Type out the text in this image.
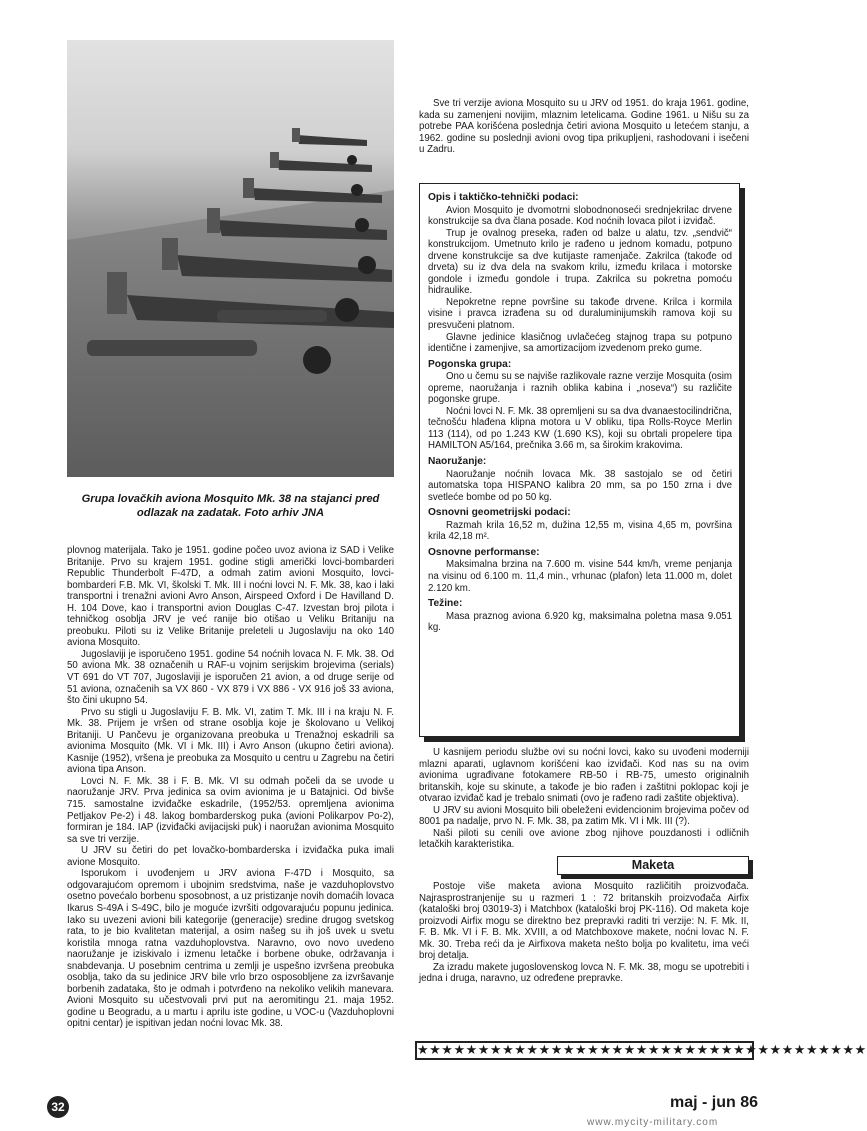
Grupa lovačkih aviona Mosquito Mk. 38 na stajanci pred odlazak na zadatak. Foto arhiv JNA

plovnog materijala. Tako je 1951. godine počeo uvoz aviona iz SAD i Velike Britanije. Prvo su krajem 1951. godine stigli američki lovci-bombarderi Republic Thunderbolt F-47D, a odmah zatim avioni Mosquito, lovci-bombarderi F.B. Mk. VI, školski T. Mk. III i noćni lovci N. F. Mk. 38, kao i laki transportni i trenažni avioni Avro Anson, Airspeed Oxford i De Havilland D. H. 104 Dove, kao i transportni avion Douglas C-47. Izvestan broj pilota i tehničkog osoblja JRV je već ranije bio otišao u Veliku Britaniju na preobuku. Piloti su iz Velike Britanije preleteli u Jugoslaviju na oko 140 aviona Mosquito.

Jugoslaviji je isporučeno 1951. godine 54 noćnih lovaca N. F. Mk. 38. Od 50 aviona Mk. 38 označenih u RAF-u vojnim serijskim brojevima (serials) VT 691 do VT 707, Jugoslaviji je isporučen 21 avion, a od druge serije od 51 aviona, označenih sa VX 860 - VX 879 i VX 886 - VX 916 još 33 aviona, što čini ukupno 54.

Prvo su stigli u Jugoslaviju F. B. Mk. VI, zatim T. Mk. III i na kraju N. F. Mk. 38. Prijem je vršen od strane osoblja koje je školovano u Velikoj Britaniji. U Pančevu je organizovana preobuka u Trenažnoj eskadrili sa avionima Mosquito (Mk. VI i Mk. III) i Avro Anson (ukupno četiri aviona). Kasnije (1952), vršena je preobuka za Mosquito u centru u Zagrebu na četiri aviona tipa Anson.

Lovci N. F. Mk. 38 i F. B. Mk. VI su odmah počeli da se uvode u naoružanje JRV. Prva jedinica sa ovim avionima je u Batajnici. Od bivše 715. samostalne izviđačke eskadrile, (1952/53. opremljena avionima Petljakov Pe-2) i 48. lakog bombarderskog puka (avioni Polikarpov Po-2), formiran je 184. IAP (izviđački avijacijski puk) i naoružan avionima Mosquito sa sve tri verzije.

U JRV su četiri do pet lovačko-bombarderska i izviđačka puka imali avione Mosquito.

Isporukom i uvođenjem u JRV aviona F-47D i Mosquito, sa odgovarajućom opremom i ubojnim sredstvima, naše je vazduhoplovstvo osetno povećalo borbenu sposobnost, a uz pristizanje novih domaćih lovaca Ikarus S-49A i S-49C, bilo je moguće izvršiti odgovarajuću popunu jedinica. Iako su uvezeni avioni bili kategorije (generacije) sredine drugog svetskog rata, to je bio kvalitetan materijal, a osim našeg su ih još uvek u svetu koristila mnoga ratna vazduhoplovstva. Naravno, ovo novo uvedeno naoružanje je iziskivalo i izmenu letačke i borbene obuke, održavanja i snabdevanja. U posebnim centrima u zemlji je uspešno izvršena preobuka osoblja, tako da su jedinice JRV bile vrlo brzo osposobljene za izvršavanje borbenih zadataka, što je odmah i potvrđeno na nekoliko velikih manevara. Avioni Mosquito su učestvovali prvi put na aeromitingu 21. maja 1952. godine u Beogradu, a u martu i aprilu iste godine, u VOC-u (Vazduhoplovni opitni centar) je ispitivan jedan noćni lovac Mk. 38.

Sve tri verzije aviona Mosquito su u JRV od 1951. do kraja 1961. godine, kada su zamenjeni novijim, mlaznim letelicama. Godine 1961. u Nišu su za potrebe PAA korišćena poslednja četiri aviona Mosquito u letećem stanju, a 1962. godine su poslednji avioni ovog tipa prikupljeni, rashodovani i isečeni u Zadru.

Opis i taktičko-tehnički podaci:

Avion Mosquito je dvomotrni slobodnonoseći srednjekrilac drvene konstrukcije sa dva člana posade. Kod noćnih lovaca pilot i izviđač.

Trup je ovalnog preseka, rađen od balze u alatu, tzv. „sendvič“ konstrukcijom. Umetnuto krilo je rađeno u jednom komadu, potpuno drvene konstrukcije sa dve kutijaste ramenjače. Zakrilca (takođe od drveta) su iz dva dela na svakom krilu, između krilaca i motorske gondole i između gondole i trupa. Zakrilca su pokretna pomoću hidraulike.

Nepokretne repne površine su takođe drvene. Krilca i kormila visine i pravca izrađena su od duraluminijumskih ramova koji su presvučeni platnom.

Glavne jedinice klasičnog uvlačećeg stajnog trapa su potpuno identične i zamenjive, sa amortizacijom izvedenom preko gume.

Pogonska grupa:

Ono u čemu su se najviše razlikovale razne verzije Mosquita (osim opreme, naoružanja i raznih oblika kabina i „noseva“) su različite pogonske grupe.

Noćni lovci N. F. Mk. 38 opremljeni su sa dva dvanaestocilindrična, tečnošću hlađena klipna motora u V obliku, tipa Rolls-Royce Merlin 113 (114), od po 1.243 KW (1.690 KS), koji su obrtali propelere tipa HAMILTON A5/164, prečnika 3.66 m, sa širokim krakovima.

Naoružanje:

Naoružanje noćnih lovaca Mk. 38 sastojalo se od četiri automatska topa HISPANO kalibra 20 mm, sa po 150 zrna i dve svetleće bombe od po 50 kg.

Osnovni geometrijski podaci:

Razmah krila 16,52 m, dužina 12,55 m, visina 4,65 m, površina krila 42,18 m².

Osnovne performanse:

Maksimalna brzina na 7.600 m. visine 544 km/h, vreme penjanja na visinu od 6.100 m. 11,4 min., vrhunac (plafon) leta 11.000 m, dolet 2.120 km.

Težine:

Masa praznog aviona 6.920 kg, maksimalna poletna masa 9.051 kg.

U kasnijem periodu službe ovi su noćni lovci, kako su uvođeni moderniji mlazni aparati, uglavnom korišćeni kao izviđači. Kod nas su na ovim avionima ugrađivane fotokamere RB-50 i RB-75, umesto originalnih britanskih, koje su skinute, a takođe je bio rađen i zaštitni poklopac koji je otvarao izviđač kad je trebalo snimati (ovo je rađeno radi zaštite objektiva).

U JRV su avioni Mosquito bili obeleženi evidencionim brojevima počev od 8001 pa nadalje, prvo N. F. Mk. 38, pa zatim Mk. VI i Mk. III (?).

Naši piloti su cenili ove avione zbog njihove pouzdanosti i odličnih letačkih karakteristika.

Maketa

Postoje više maketa aviona Mosquito različitih proizvođača. Najrasprostranjenije su u razmeri 1 : 72 britanskih proizvođača Airfix (kataloški broj 03019-3) i Matchbox (kataloški broj PK-116). Od maketa koje proizvodi Airfix mogu se direktno bez prepravki raditi tri verzije: N. F. Mk. II, F. B. Mk. VI i F. B. Mk. XVIII, a od Matchboxove makete, noćni lovac N. F. Mk. 30. Treba reći da je Airfixova maketa nešto bolja po kvalitetu, ima veći broj detalja.

Za izradu makete jugoslovenskog lovca N. F. Mk. 38, mogu se upotrebiti i jedna i druga, naravno, uz određene prepravke.

★★★★★★★★★★★★★★★★★★★★★★★★★★★★★★★★★★★★★
32	maj - jun 86
www.mycity-military.com
